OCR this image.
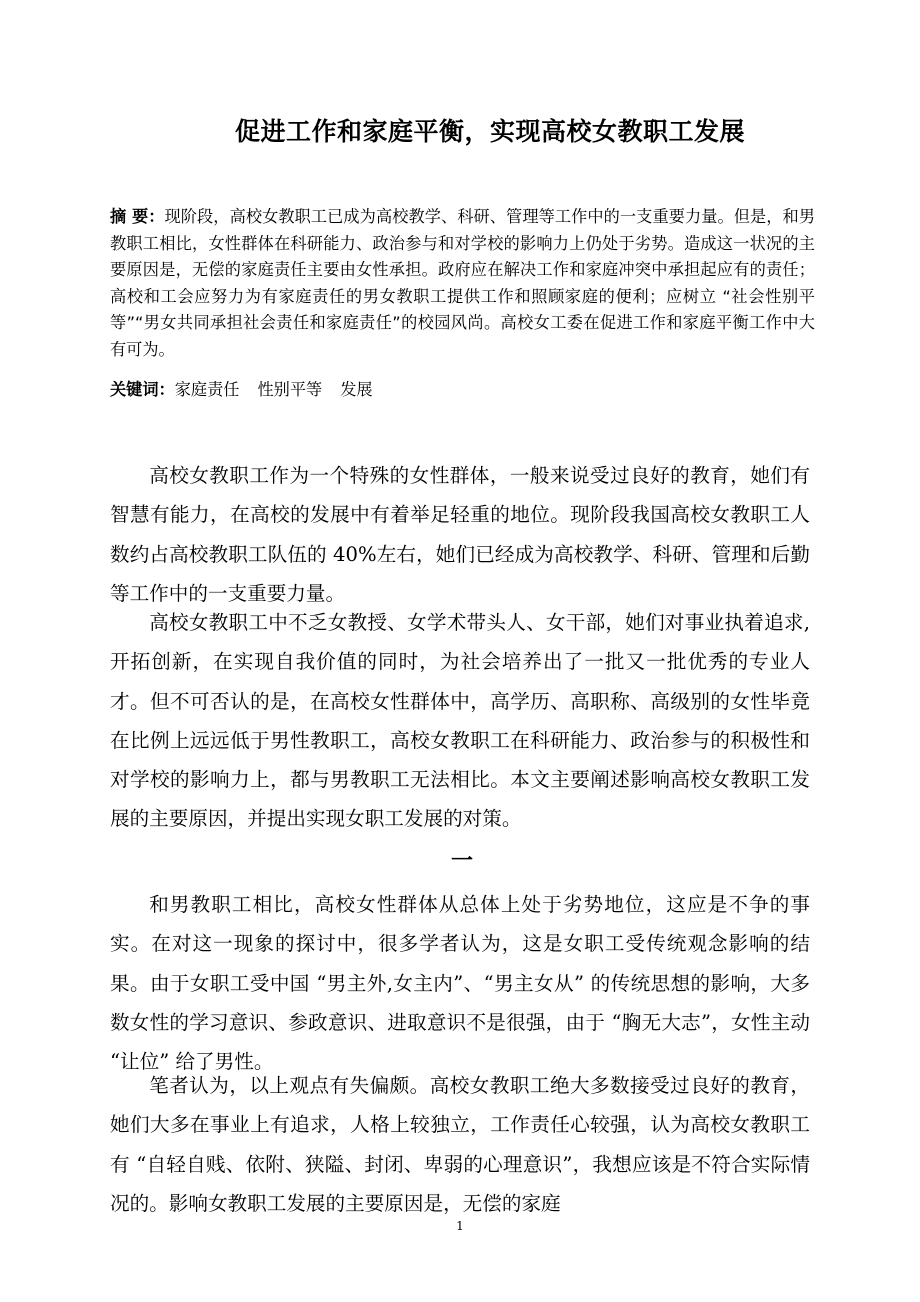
促进工作和家庭平衡，实现高校女教职工发展
摘 要：现阶段，高校女教职工已成为高校教学、科研、管理等工作中的一支重要力量。但是，和男教职工相比，女性群体在科研能力、政治参与和对学校的影响力上仍处于劣势。造成这一状况的主要原因是，无偿的家庭责任主要由女性承担。政府应在解决工作和家庭冲突中承担起应有的责任；高校和工会应努力为有家庭责任的男女教职工提供工作和照顾家庭的便利；应树立 “社会性别平等”“男女共同承担社会责任和家庭责任”的校园风尚。高校女工委在促进工作和家庭平衡工作中大有可为。
关键词：家庭责任 性别平等 发展

高校女教职工作为一个特殊的女性群体，一般来说受过良好的教育，她们有智慧有能力，在高校的发展中有着举足轻重的地位。现阶段我国高校女教职工人数约占高校教职工队伍的 40%左右，她们已经成为高校教学、科研、管理和后勤等工作中的一支重要力量。

高校女教职工中不乏女教授、女学术带头人、女干部，她们对事业执着追求,开拓创新，在实现自我价值的同时，为社会培养出了一批又一批优秀的专业人才。但不可否认的是，在高校女性群体中，高学历、高职称、高级别的女性毕竟在比例上远远低于男性教职工，高校女教职工在科研能力、政治参与的积极性和对学校的影响力上，都与男教职工无法相比。本文主要阐述影响高校女教职工发展的主要原因，并提出实现女职工发展的对策。

一

和男教职工相比，高校女性群体从总体上处于劣势地位，这应是不争的事实。在对这一现象的探讨中，很多学者认为，这是女职工受传统观念影响的结果。由于女职工受中国 “男主外,女主内”、“男主女从” 的传统思想的影响，大多数女性的学习意识、参政意识、进取意识不是很强，由于 “胸无大志”，女性主动 “让位” 给了男性。

笔者认为，以上观点有失偏颇。高校女教职工绝大多数接受过良好的教育，她们大多在事业上有追求，人格上较独立，工作责任心较强，认为高校女教职工有 “自轻自贱、依附、狭隘、封闭、卑弱的心理意识”，我想应该是不符合实际情况的。影响女教职工发展的主要原因是，无偿的家庭

1
